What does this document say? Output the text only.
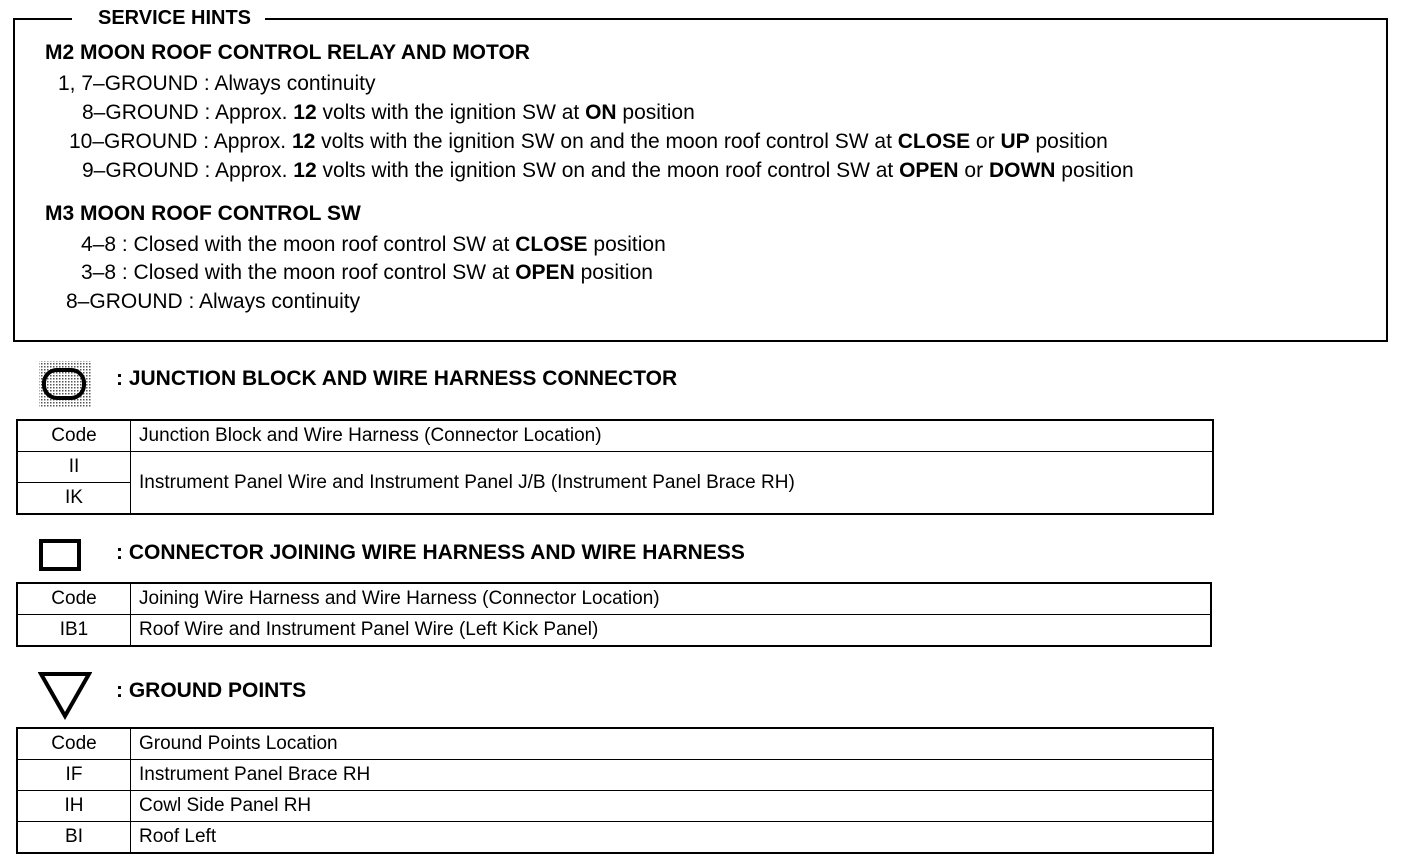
SERVICE HINTS
M2 MOON ROOF CONTROL RELAY AND MOTOR
1, 7–GROUND : Always continuity
8–GROUND : Approx. 12 volts with the ignition SW at ON position
10–GROUND : Approx. 12 volts with the ignition SW on and the moon roof control SW at CLOSE or UP position
9–GROUND : Approx. 12 volts with the ignition SW on and the moon roof control SW at OPEN or DOWN position
M3 MOON ROOF CONTROL SW
4–8 : Closed with the moon roof control SW at CLOSE position
3–8 : Closed with the moon roof control SW at OPEN position
8–GROUND : Always continuity
: JUNCTION BLOCK AND WIRE HARNESS CONNECTOR
Code	Junction Block and Wire Harness (Connector Location)
II	Instrument Panel Wire and Instrument Panel J/B (Instrument Panel Brace RH)
IK	
: CONNECTOR JOINING WIRE HARNESS AND WIRE HARNESS
Code	Joining Wire Harness and Wire Harness (Connector Location)
IB1	Roof Wire and Instrument Panel Wire (Left Kick Panel)
: GROUND POINTS
Code	Ground Points Location
IF	Instrument Panel Brace RH
IH	Cowl Side Panel RH
BI	Roof Left
